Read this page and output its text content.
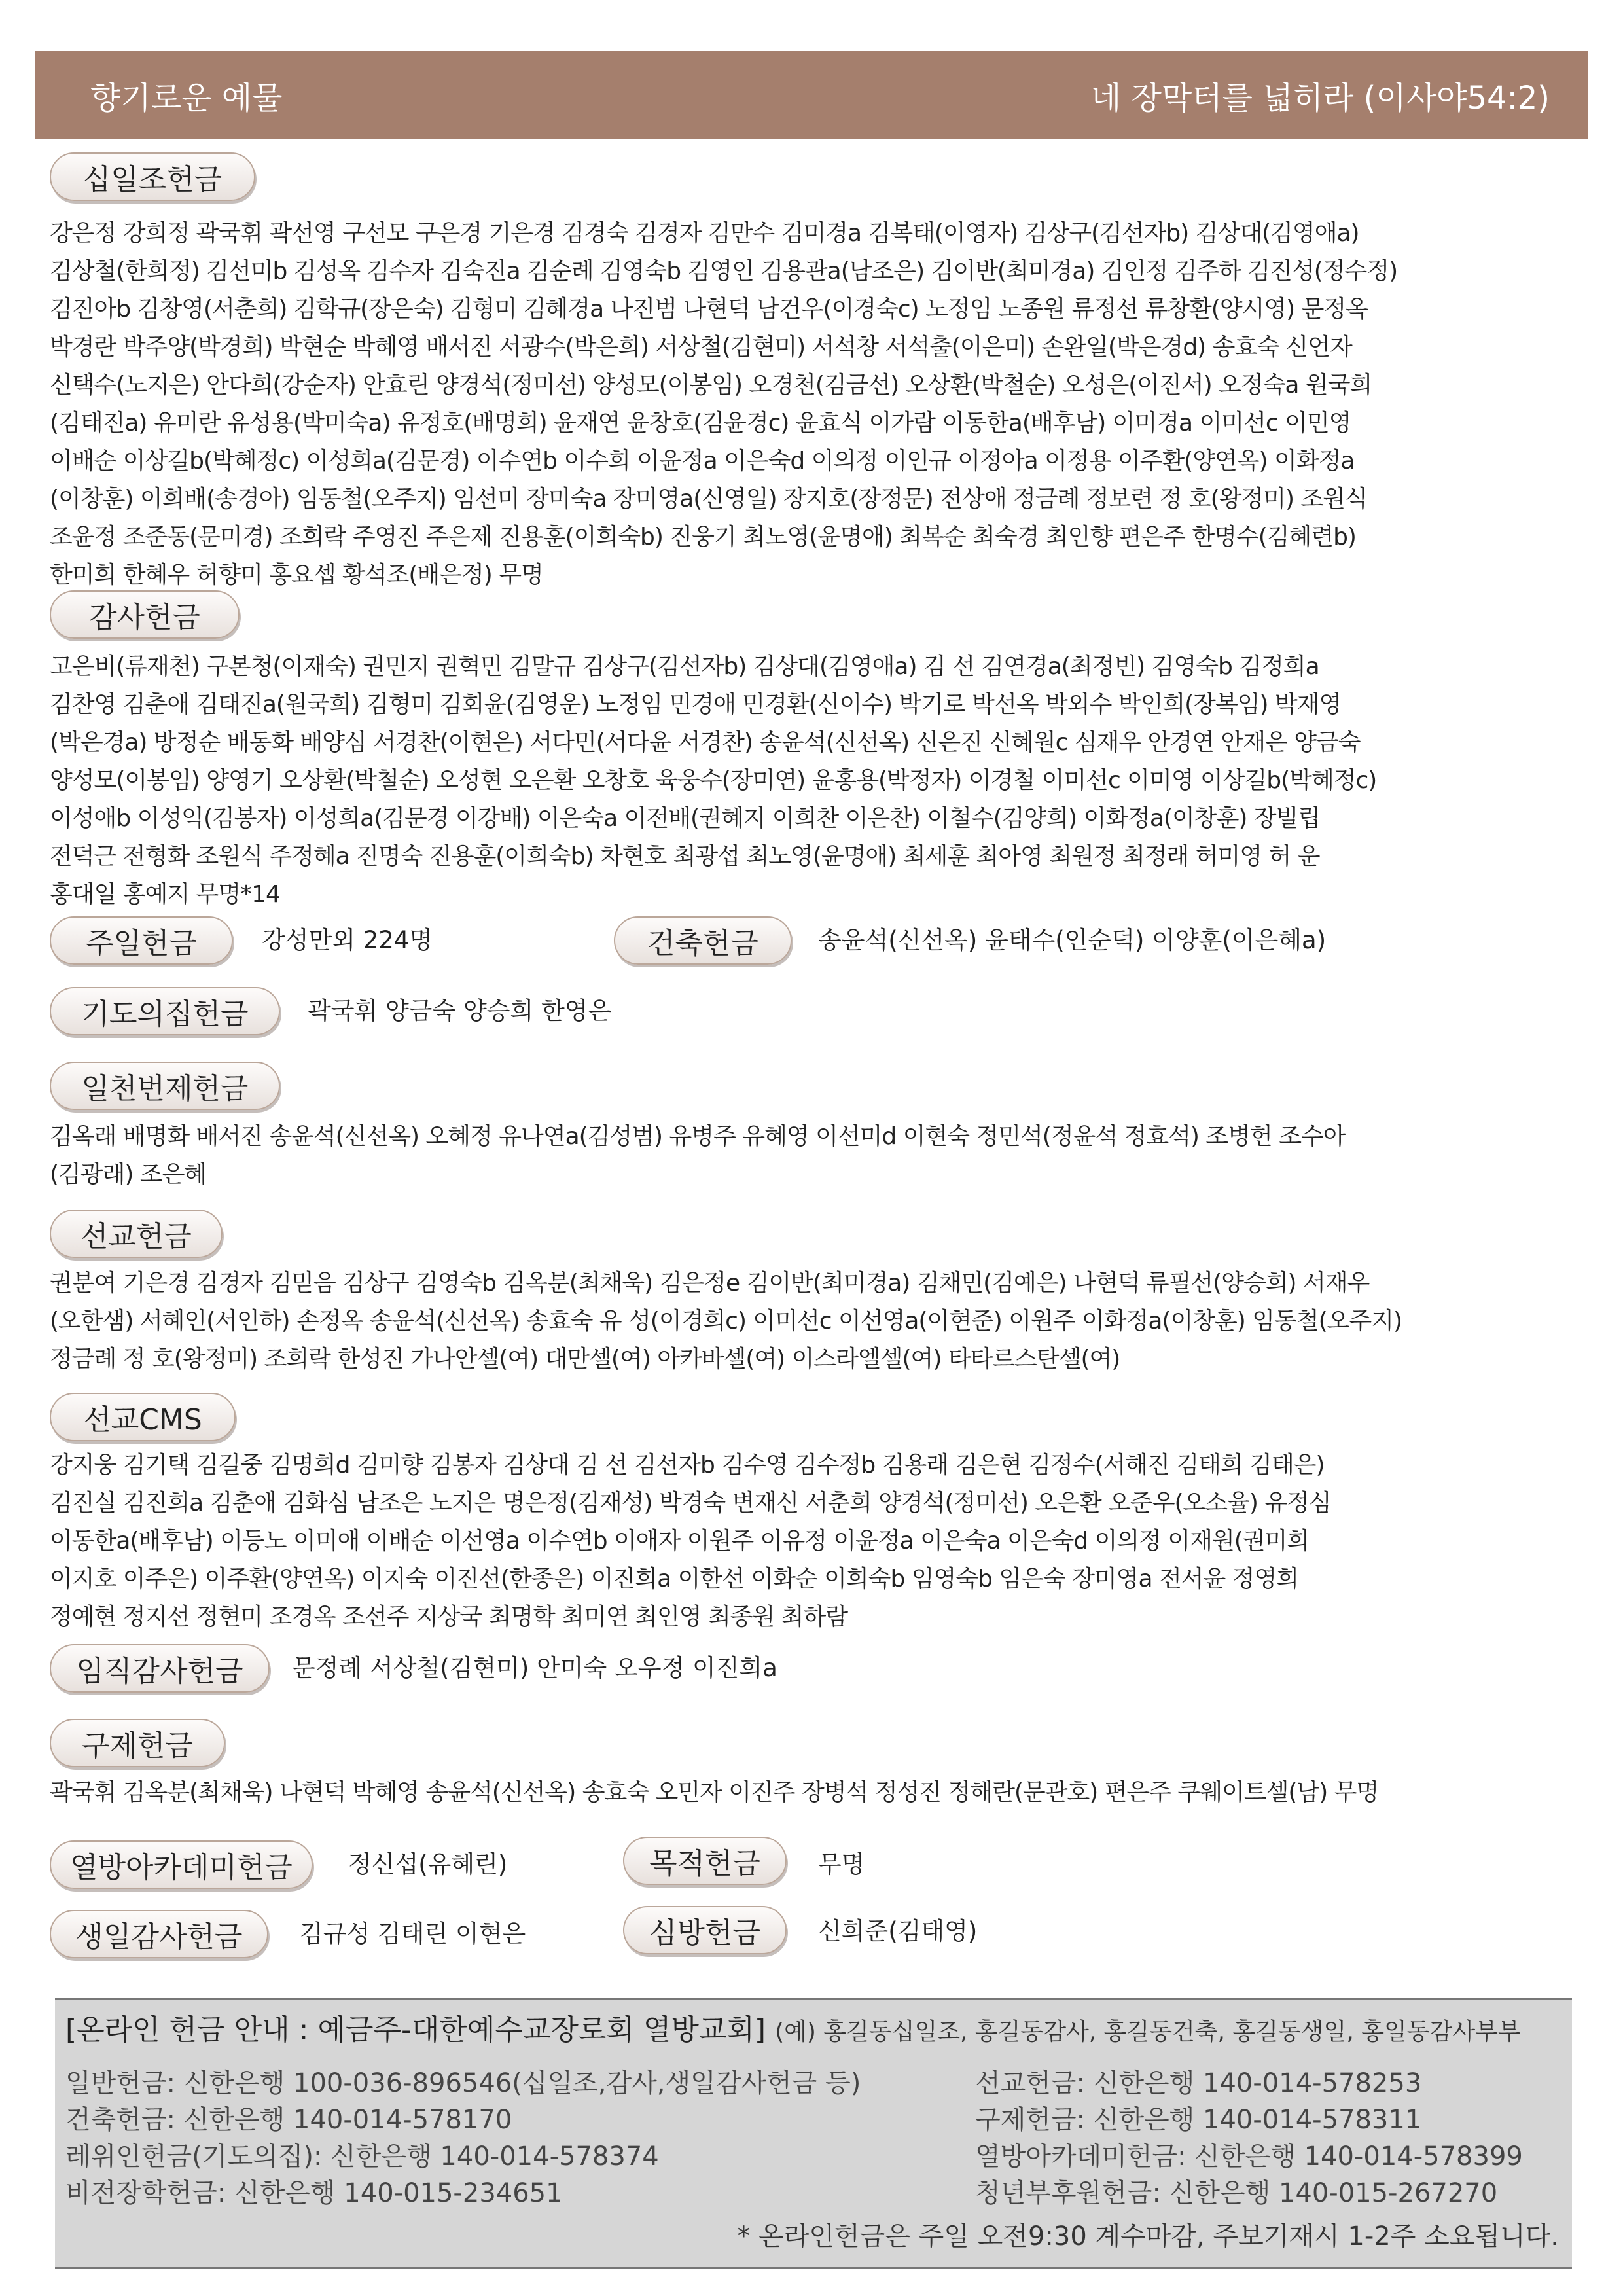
향기로운 예물	네 장막터를 넓히라 (이사야54:2)
십일조헌금
강은정 강희정 곽국휘 곽선영 구선모 구은경 기은경 김경숙 김경자 김만수 김미경a 김복태(이영자) 김상구(김선자b) 김상대(김영애a)
김상철(한희정) 김선미b 김성옥 김수자 김숙진a 김순례 김영숙b 김영인 김용관a(남조은) 김이반(최미경a) 김인정 김주하 김진성(정수정)
김진아b 김창영(서춘희) 김학규(장은숙) 김형미 김혜경a 나진범 나현덕 남건우(이경숙c) 노정임 노종원 류정선 류창환(양시영) 문정옥
박경란 박주양(박경희) 박현순 박혜영 배서진 서광수(박은희) 서상철(김현미) 서석창 서석출(이은미) 손완일(박은경d) 송효숙 신언자
신택수(노지은) 안다희(강순자) 안효린 양경석(정미선) 양성모(이봉임) 오경천(김금선) 오상환(박철순) 오성은(이진서) 오정숙a 원국희
(김태진a) 유미란 유성용(박미숙a) 유정호(배명희) 윤재연 윤창호(김윤경c) 윤효식 이가람 이동한a(배후남) 이미경a 이미선c 이민영
이배순 이상길b(박혜정c) 이성희a(김문경) 이수연b 이수희 이윤정a 이은숙d 이의정 이인규 이정아a 이정용 이주환(양연옥) 이화정a
(이창훈) 이희배(송경아) 임동철(오주지) 임선미 장미숙a 장미영a(신영일) 장지호(장정문) 전상애 정금례 정보련 정 호(왕정미) 조원식
조윤정 조준동(문미경) 조희락 주영진 주은제 진용훈(이희숙b) 진웅기 최노영(윤명애) 최복순 최숙경 최인향 편은주 한명수(김혜련b)
한미희 한혜우 허향미 홍요셉 황석조(배은정) 무명
감사헌금
고은비(류재천) 구본청(이재숙) 권민지 권혁민 김말규 김상구(김선자b) 김상대(김영애a) 김 선 김연경a(최정빈) 김영숙b 김정희a
김찬영 김춘애 김태진a(원국희) 김형미 김회윤(김영운) 노정임 민경애 민경환(신이수) 박기로 박선옥 박외수 박인희(장복임) 박재영
(박은경a) 방정순 배동화 배양심 서경찬(이현은) 서다민(서다윤 서경찬) 송윤석(신선옥) 신은진 신혜원c 심재우 안경연 안재은 양금숙
양성모(이봉임) 양영기 오상환(박철순) 오성현 오은환 오창호 육웅수(장미연) 윤홍용(박정자) 이경철 이미선c 이미영 이상길b(박혜정c)
이성애b 이성익(김봉자) 이성희a(김문경 이강배) 이은숙a 이전배(권혜지 이희찬 이은찬) 이철수(김양희) 이화정a(이창훈) 장빌립
전덕근 전형화 조원식 주정혜a 진명숙 진용훈(이희숙b) 차현호 최광섭 최노영(윤명애) 최세훈 최아영 최원정 최정래 허미영 허 운
홍대일 홍예지 무명*14
주일헌금	강성만외 224명	건축헌금	송윤석(신선옥) 윤태수(인순덕) 이양훈(이은혜a)
기도의집헌금	곽국휘 양금숙 양승희 한영은
일천번제헌금
김옥래 배명화 배서진 송윤석(신선옥) 오혜정 유나연a(김성범) 유병주 유혜영 이선미d 이현숙 정민석(정윤석 정효석) 조병헌 조수아
(김광래) 조은혜
선교헌금
권분여 기은경 김경자 김믿음 김상구 김영숙b 김옥분(최채욱) 김은정e 김이반(최미경a) 김채민(김예은) 나현덕 류필선(양승희) 서재우
(오한샘) 서혜인(서인하) 손정옥 송윤석(신선옥) 송효숙 유 성(이경희c) 이미선c 이선영a(이현준) 이원주 이화정a(이창훈) 임동철(오주지)
정금례 정 호(왕정미) 조희락 한성진 가나안셀(여) 대만셀(여) 아카바셀(여) 이스라엘셀(여) 타타르스탄셀(여)
선교CMS
강지웅 김기택 김길중 김명희d 김미향 김봉자 김상대 김 선 김선자b 김수영 김수정b 김용래 김은현 김정수(서해진 김태희 김태은)
김진실 김진희a 김춘애 김화심 남조은 노지은 명은정(김재성) 박경숙 변재신 서춘희 양경석(정미선) 오은환 오준우(오소율) 유정심
이동한a(배후남) 이등노 이미애 이배순 이선영a 이수연b 이애자 이원주 이유정 이윤정a 이은숙a 이은숙d 이의정 이재원(권미희
이지호 이주은) 이주환(양연옥) 이지숙 이진선(한종은) 이진희a 이한선 이화순 이희숙b 임영숙b 임은숙 장미영a 전서윤 정영희
정예현 정지선 정현미 조경옥 조선주 지상국 최명학 최미연 최인영 최종원 최하람
임직감사헌금	문정례 서상철(김현미) 안미숙 오우정 이진희a
구제헌금
곽국휘 김옥분(최채욱) 나현덕 박혜영 송윤석(신선옥) 송효숙 오민자 이진주 장병석 정성진 정해란(문관호) 편은주 쿠웨이트셀(남) 무명
열방아카데미헌금	정신섭(유혜린)	목적헌금	무명
생일감사헌금	김규성 김태린 이현은	심방헌금	신희준(김태영)
[온라인 헌금 안내 : 예금주-대한예수교장로회 열방교회] (예) 홍길동십일조, 홍길동감사, 홍길동건축, 홍길동생일, 홍일동감사부부
일반헌금: 신한은행 100-036-896546(십일조,감사,생일감사헌금 등)
건축헌금: 신한은행 140-014-578170
레위인헌금(기도의집): 신한은행 140-014-578374
비전장학헌금: 신한은행 140-015-234651
선교헌금: 신한은행 140-014-578253
구제헌금: 신한은행 140-014-578311
열방아카데미헌금: 신한은행 140-014-578399
청년부후원헌금: 신한은행 140-015-267270
* 온라인헌금은 주일 오전9:30 계수마감, 주보기재시 1-2주 소요됩니다.
